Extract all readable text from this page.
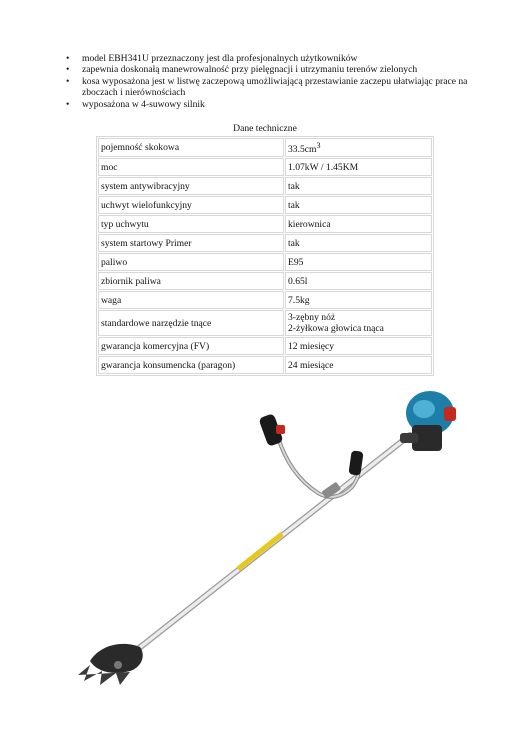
• model EBH341U przeznaczony jest dla profesjonalnych użytkowników
• zapewnia doskonałą manewrowalność przy pielęgnacji i utrzymaniu terenów zielonych
• kosa wyposażona jest w listwę zaczepową umożliwiającą przestawianie zaczepu ułatwiając prace na zboczach i nierównościach
• wyposażona w 4-suwowy silnik
Dane techniczne
pojemność skokowa	$33.5cm^3$
moc	1.07kW / 1.45KM
system antywibracyjny	tak
uchwyt wielofunkcyjny	tak
typ uchwytu	kierownica
system startowy Primer	tak
paliwo	E95
zbiornik paliwa	0.65l
waga	7.5kg
standardowe narzędzie tnące	3-zębny nóż
2-żyłkowa głowica tnąca

gwarancja komercyjna (FV)	12 miesięcy
gwarancja konsumencka (paragon)	24 miesiące
